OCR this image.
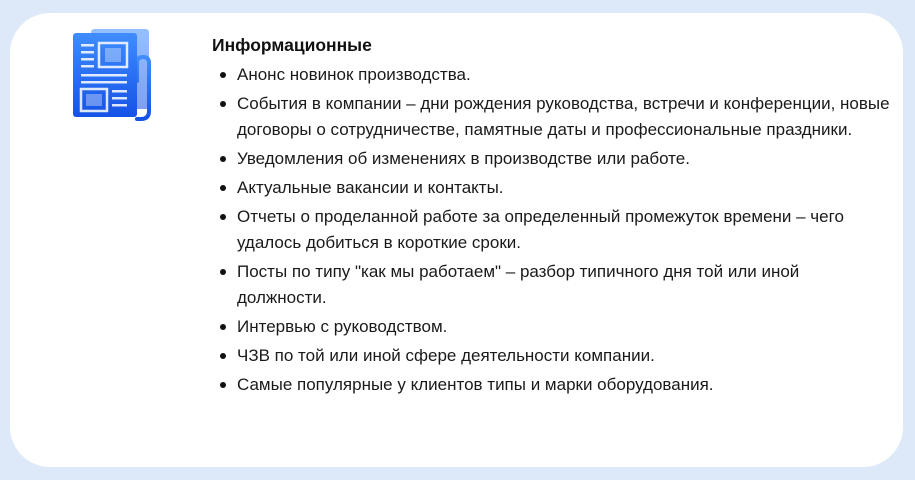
Информационные
Анонс новинок производства.
События в компании – дни рождения руководства, встречи и конференции, новые договоры о сотрудничестве, памятные даты и профессиональные праздники.
Уведомления об изменениях в производстве или работе.
Актуальные вакансии и контакты.
Отчеты о проделанной работе за определенный промежуток времени – чего удалось добиться в короткие сроки.
Посты по типу "как мы работаем" – разбор типичного дня той или иной должности.
Интервью с руководством.
ЧЗВ по той или иной сфере деятельности компании.
Самые популярные у клиентов типы и марки оборудования.
